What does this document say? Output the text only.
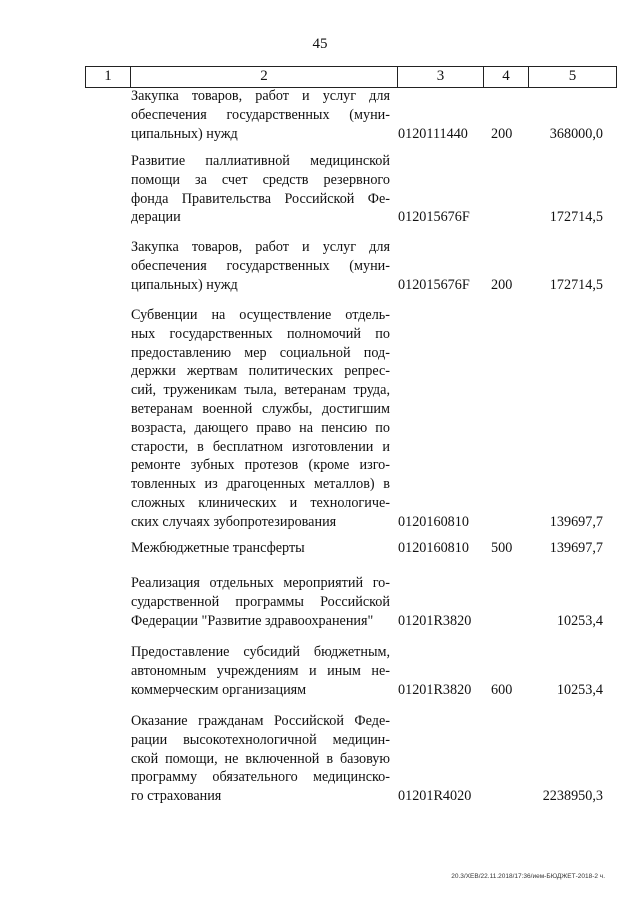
45
1	2	3	4	5
Закупка товаров, работ и услуг для
обеспечения государственных (муни-
ципальных) нужд	0120111440 200	368000,0
Развитие паллиативной медицинской
помощи за счет средств резервного
фонда Правительства Российской Фе-
дерации	012015676F	172714,5
Закупка товаров, работ и услуг для
обеспечения государственных (муни-
ципальных) нужд	012015676F 200	172714,5
Субвенции на осуществление отдель-
ных государственных полномочий по
предоставлению мер социальной под-
держки жертвам политических репрес-
сий, труженикам тыла, ветеранам труда,
ветеранам военной службы, достигшим
возраста, дающего право на пенсию по
старости, в бесплатном изготовлении и
ремонте зубных протезов (кроме изго-
товленных из драгоценных металлов) в
сложных клинических и технологиче-
ских случаях зубопротезирования	0120160810	139697,7
Межбюджетные трансферты	0120160810 500	139697,7
Реализация отдельных мероприятий го-
сударственной программы Российской
Федерации "Развитие здравоохранения"	01201R3820	10253,4
Предоставление субсидий бюджетным,
автономным учреждениям и иным не-
коммерческим организациям	01201R3820 600	10253,4
Оказание гражданам Российской Феде-
рации высокотехнологичной медицин-
ской помощи, не включенной в базовую
программу обязательного медицинско-
го страхования	01201R4020	2238950,3
20.3/XEB/22.11.2018/17:36/ием-БЮДЖЕТ-2018-2 ч.
